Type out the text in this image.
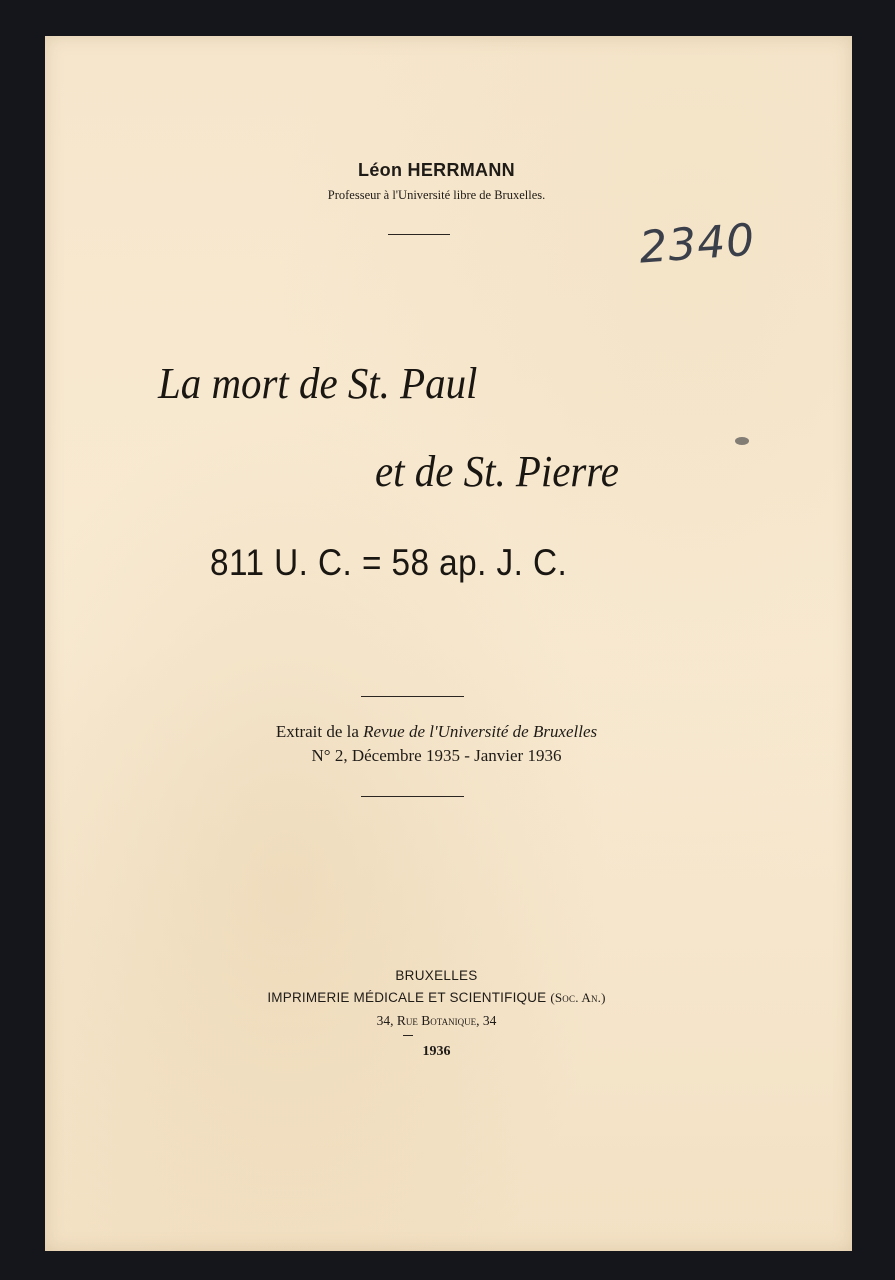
Léon HERRMANN
Professeur à l'Université libre de Bruxelles.
2340
La mort de St. Paul
et de St. Pierre
811 U. C. = 58 ap. J. C.
Extrait de la Revue de l'Université de Bruxelles
N° 2, Décembre 1935 - Janvier 1936
BRUXELLES
IMPRIMERIE MÉDICALE ET SCIENTIFIQUE (Soc. An.)
34, Rue Botanique, 34
1936
